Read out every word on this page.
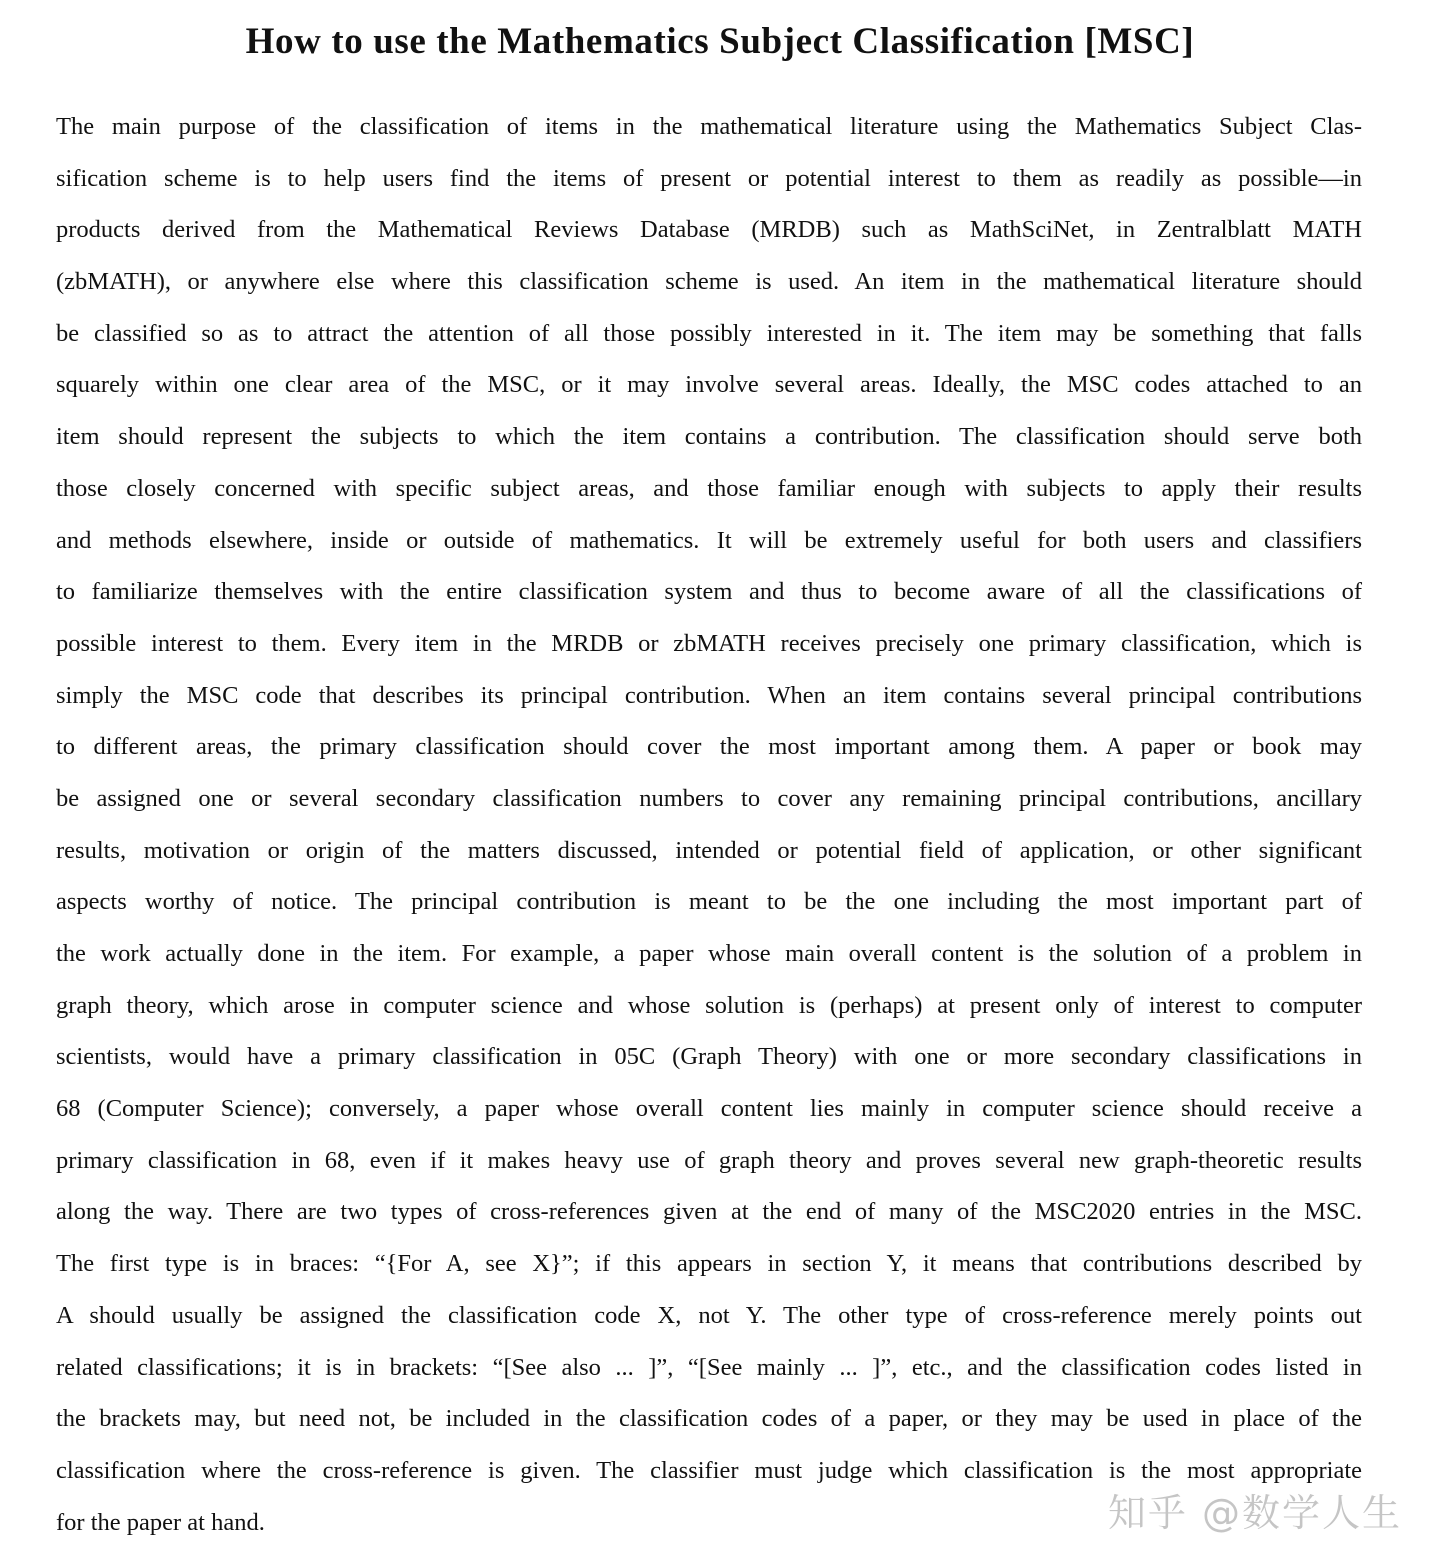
How to use the Mathematics Subject Classification [MSC]
The main purpose of the classification of items in the mathematical literature using the Mathematics Subject Clas-
sification scheme is to help users find the items of present or potential interest to them as readily as possible—in
products derived from the Mathematical Reviews Database (MRDB) such as MathSciNet, in Zentralblatt MATH
(zbMATH), or anywhere else where this classification scheme is used. An item in the mathematical literature should
be classified so as to attract the attention of all those possibly interested in it. The item may be something that falls
squarely within one clear area of the MSC, or it may involve several areas. Ideally, the MSC codes attached to an
item should represent the subjects to which the item contains a contribution. The classification should serve both
those closely concerned with specific subject areas, and those familiar enough with subjects to apply their results
and methods elsewhere, inside or outside of mathematics. It will be extremely useful for both users and classifiers
to familiarize themselves with the entire classification system and thus to become aware of all the classifications of
possible interest to them. Every item in the MRDB or zbMATH receives precisely one primary classification, which is
simply the MSC code that describes its principal contribution. When an item contains several principal contributions
to different areas, the primary classification should cover the most important among them. A paper or book may
be assigned one or several secondary classification numbers to cover any remaining principal contributions, ancillary
results, motivation or origin of the matters discussed, intended or potential field of application, or other significant
aspects worthy of notice. The principal contribution is meant to be the one including the most important part of
the work actually done in the item. For example, a paper whose main overall content is the solution of a problem in
graph theory, which arose in computer science and whose solution is (perhaps) at present only of interest to computer
scientists, would have a primary classification in 05C (Graph Theory) with one or more secondary classifications in
68 (Computer Science); conversely, a paper whose overall content lies mainly in computer science should receive a
primary classification in 68, even if it makes heavy use of graph theory and proves several new graph-theoretic results
along the way. There are two types of cross-references given at the end of many of the MSC2020 entries in the MSC.
The first type is in braces: “{For A, see X}”; if this appears in section Y, it means that contributions described by
A should usually be assigned the classification code X, not Y. The other type of cross-reference merely points out
related classifications; it is in brackets: “[See also ... ]”, “[See mainly ... ]”, etc., and the classification codes listed in
the brackets may, but need not, be included in the classification codes of a paper, or they may be used in place of the
classification where the cross-reference is given. The classifier must judge which classification is the most appropriate
for the paper at hand.	知乎 @数学人生
